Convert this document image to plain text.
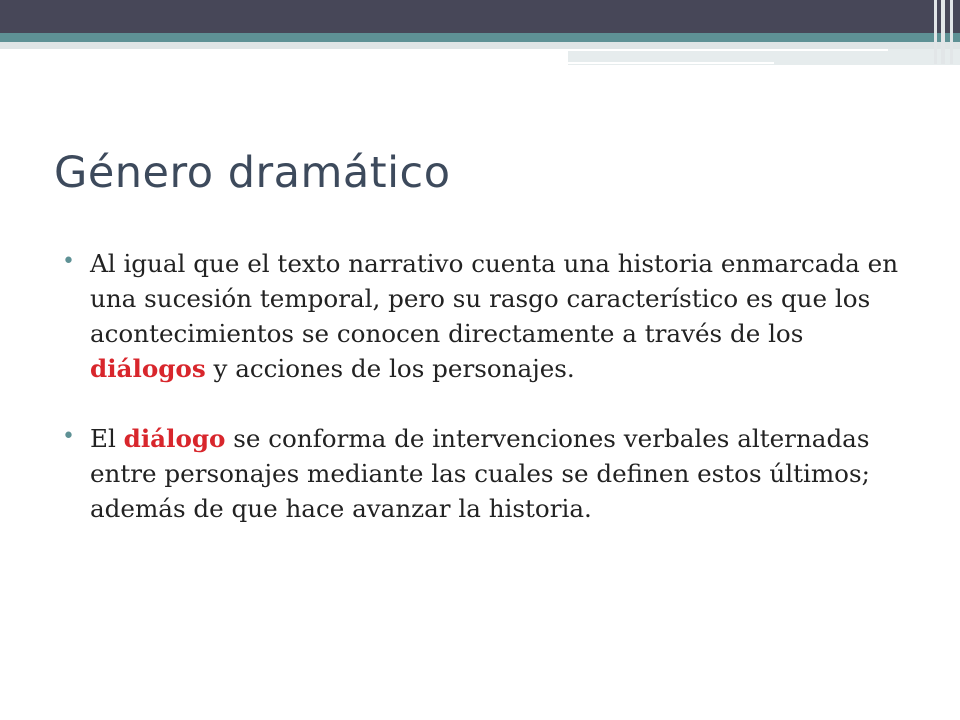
Género dramático
• Al igual que el texto narrativo cuenta una historia enmarcada en una sucesión temporal, pero su rasgo característico es que los acontecimientos se conocen directamente a través de los diálogos y acciones de los personajes.
• El diálogo se conforma de intervenciones verbales alternadas entre personajes mediante las cuales se definen estos últimos; además de que hace avanzar la historia.
